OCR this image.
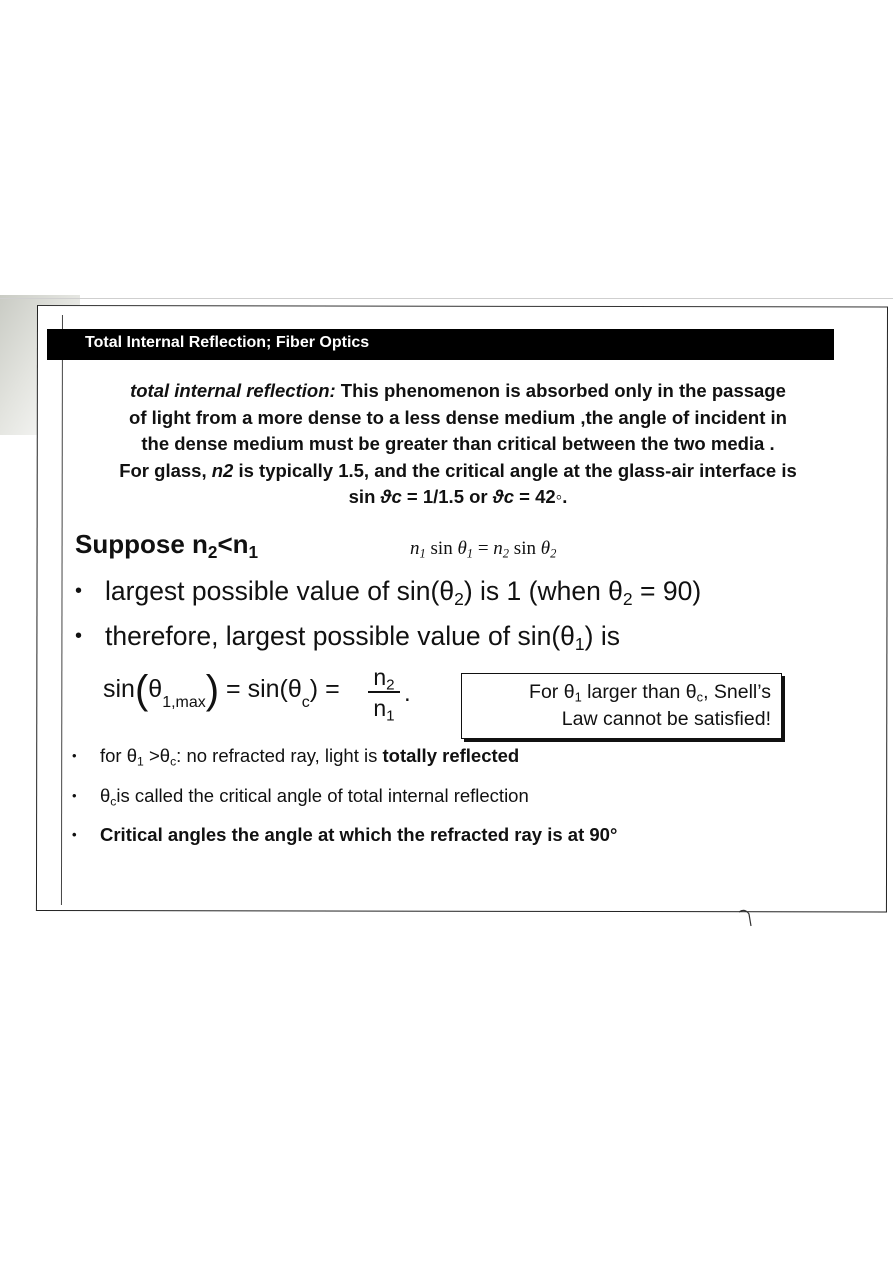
Total Internal Reflection; Fiber Optics
total internal reflection: This phenomenon is absorbed only in the passage
of light from a more dense to a less dense medium ,the angle of incident in
the dense medium must be greater than critical between the two media .
For glass, n2 is typically 1.5, and the critical angle at the glass-air interface is
sin ϑc = 1/1.5 or ϑc = 42◦.
Suppose $n_2<n_1$	$n_1$ $\sin \theta_1 = n_2$ $\sin \theta_2$
• largest possible value of $\sin(\theta_2)$ is 1 (when $\theta_2 = 90$)
• therefore, largest possible value of $\sin(\theta_1)$ is
$\sin(\theta_{1,max}) = \sin(\theta_c) = n_2$
$n_1$
.	For $\theta_1$ larger than $\theta_c$, Snell’s
Law cannot be satisfied!
• for $\theta_1 >\theta_c$: no refracted ray, light is totally reflected
• $\theta_cis$ called the critical angle of total internal reflection
• Critical angles the angle at which the refracted ray is at 90°
